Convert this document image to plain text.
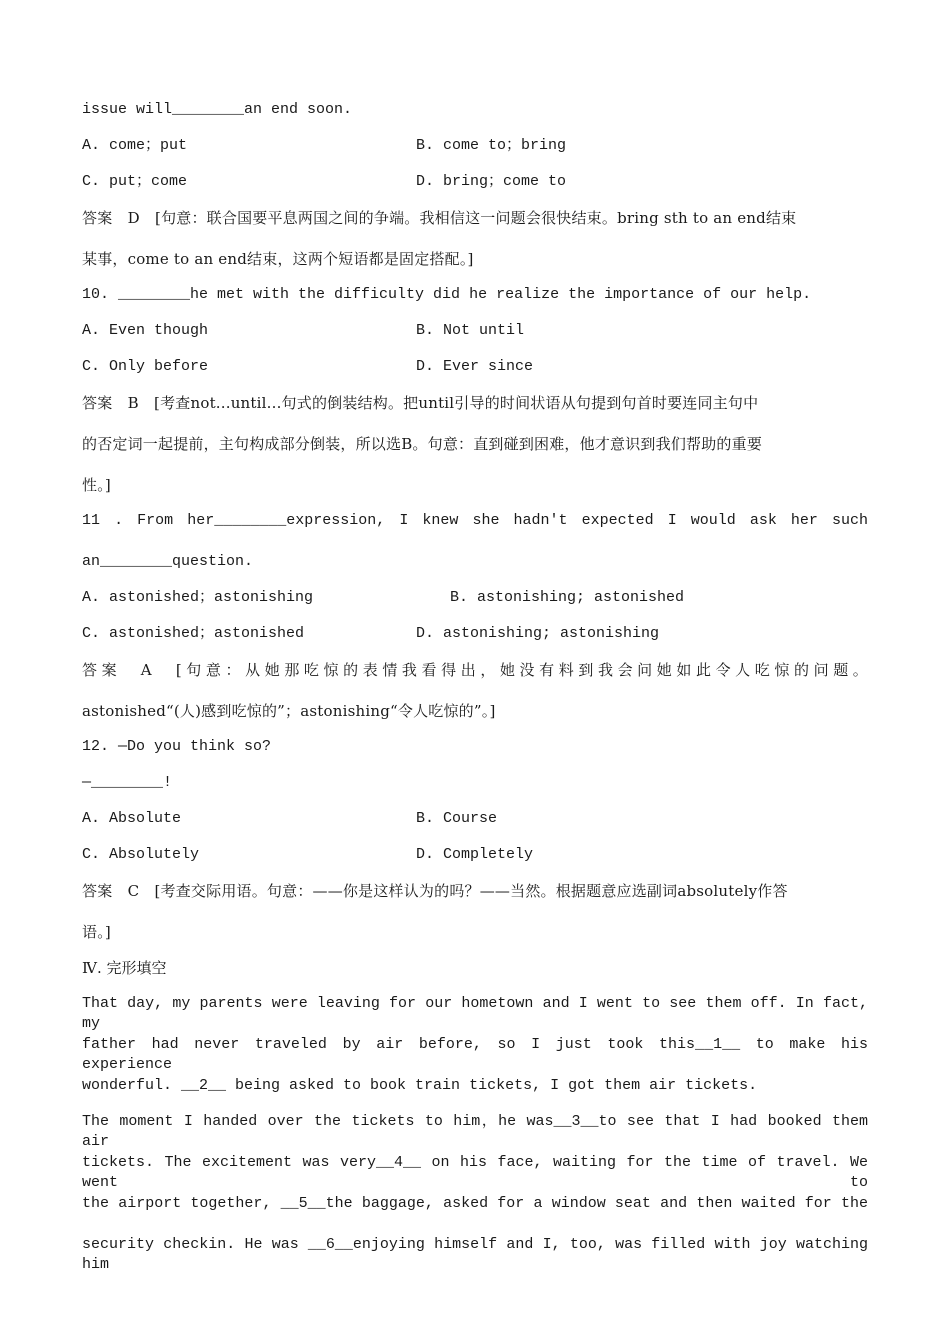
issue will________an end soon.
A. come；put	B. come to；bring
C. put；come	D. bring；come to
答案　D　[句意：联合国要平息两国之间的争端。我相信这一问题会很快结束。bring sth to an end结束
某事，come to an end结束，这两个短语都是固定搭配。]
10. ________he met with the difficulty did he realize the importance of our help.
A. Even though	B. Not until
C. Only before	D. Ever since
答案　B　[考查not...until...句式的倒装结构。把until引导的时间状语从句提到句首时要连同主句中
的否定词一起提前，主句构成部分倒装，所以选B。句意：直到碰到困难，他才意识到我们帮助的重要
性。]
11 . From her________expression, I knew she hadn't expected I would ask her such
an________question.
A. astonished；astonishing	B. astonishing; astonished
C. astonished；astonished	D. astonishing; astonishing
答案　A　[句意：从她那吃惊的表情我看得出，她没有料到我会问她如此令人吃惊的问题。
astonished“(人)感到吃惊的”；astonishing“令人吃惊的”。]
12. —Do you think so?
—________!
A. Absolute	B. Course
C. Absolutely	D. Completely
答案　C　[考查交际用语。句意：——你是这样认为的吗？——当然。根据题意应选副词absolutely作答
语。]
Ⅳ. 完形填空
That day, my parents were leaving for our hometown and I went to see them off. In fact, my
father had never traveled by air before, so I just took this__1__ to make his experience
wonderful. __2__ being asked to book train tickets, I got them air tickets.
The moment I handed over the tickets to him，he was__3__to see that I had booked them air
tickets. The excitement was very__4__ on his face, waiting for the time of travel. We went to
the airport together, __5__the baggage, asked for a window seat and then waited for the
security checkin. He was __6__enjoying himself and I, too, was filled with joy watching him
